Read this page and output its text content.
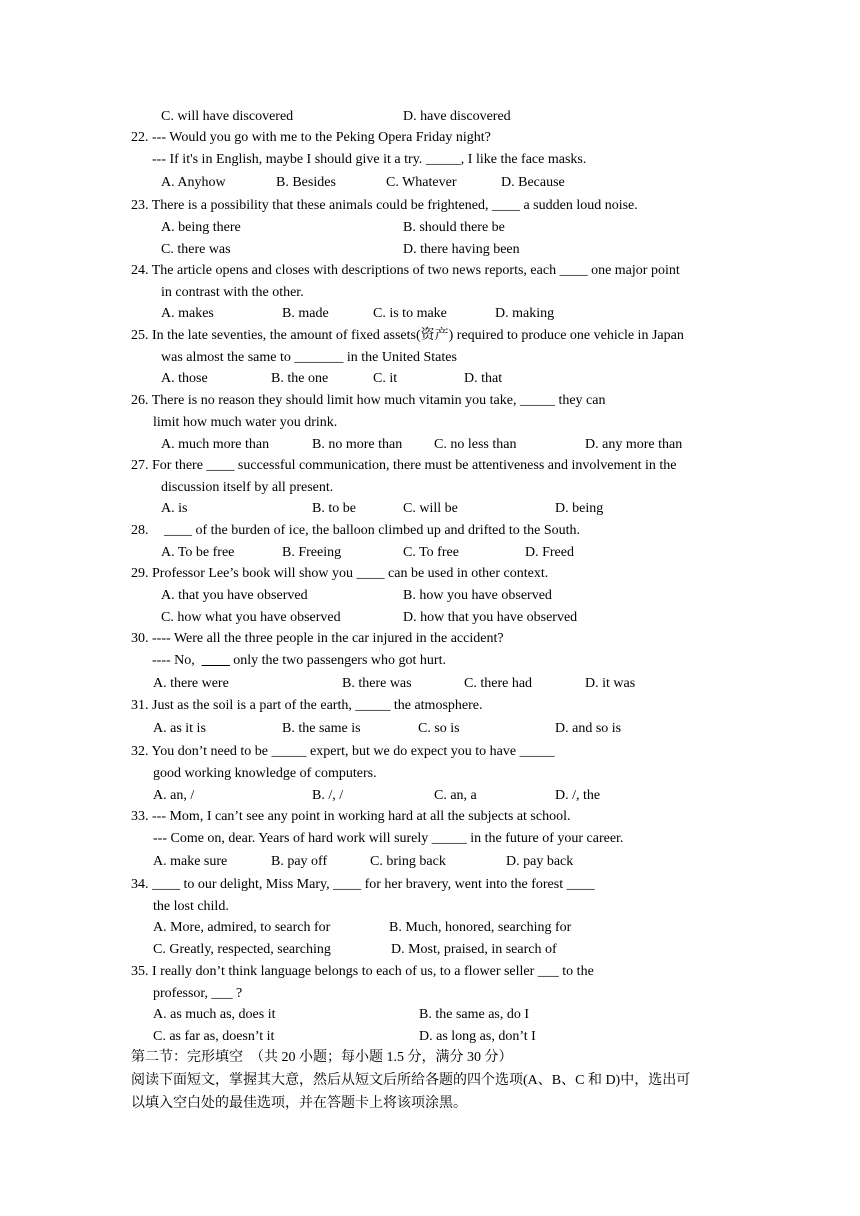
C. will have discovered	D. have discovered
22. --- Would you go with me to the Peking Opera Friday night?
--- If it's in English, maybe I should give it a try. _____, I like the face masks.
A. Anyhow	B. Besides	C. Whatever	D. Because
23. There is a possibility that these animals could be frightened, ____ a sudden loud noise.
A. being there	B. should there be
C. there was	D. there having been
24. The article opens and closes with descriptions of two news reports, each ____ one major point
in contrast with the other.
A. makes	B. made	C. is to make	D. making
25. In the late seventies, the amount of fixed assets(资产) required to produce one vehicle in Japan
was almost the same to _______ in the United States
A. those	B. the one	C. it	D. that
26. There is no reason they should limit how much vitamin you take, _____ they can
limit how much water you drink.
A. much more than	B. no more than C. no less than	D. any more than
27. For there ____ successful communication, there must be attentiveness and involvement in the
discussion itself by all present.
A. is	B. to be	C. will be	D. being
28. ____ of the burden of ice, the balloon climbed up and drifted to the South.
A. To be free	B. Freeing	C. To free	D. Freed
29. Professor Lee’s book will show you ____ can be used in other context.
A. that you have observed	B. how you have observed
C. how what you have observed	D. how that you have observed
30. ---- Were all the three people in the car injured in the accident?
---- No,  ____ only the two passengers who got hurt.
A. there were	B. there was	C. there had	D. it was
31. Just as the soil is a part of the earth, _____ the atmosphere.
A. as it is	B. the same is	C. so is	D. and so is
32. You don’t need to be _____ expert, but we do expect you to have _____
good working knowledge of computers.
A. an, /	B. /, /	C. an, a	D. /, the
33. --- Mom, I can’t see any point in working hard at all the subjects at school.
--- Come on, dear. Years of hard work will surely _____ in the future of your career.
A. make sure	B. pay off	C. bring back	D. pay back
34. ____ to our delight, Miss Mary, ____ for her bravery, went into the forest ____
the lost child.
A. More, admired, to search for	B. Much, honored, searching for
C. Greatly, respected, searching	D. Most, praised, in search of
35. I really don’t think language belongs to each of us, to a flower seller ___ to the
professor, ___ ?
A. as much as, does it	B. the same as, do I
C. as far as, doesn’t it	D. as long as, don’t I
第二节：完形填空  （共 20 小题；每小题 1.5 分，满分 30 分）
阅读下面短文，掌握其大意，然后从短文后所给各题的四个选项(A、B、C 和 D)中，选出可
以填入空白处的最佳选项，并在答题卡上将该项涂黑。
